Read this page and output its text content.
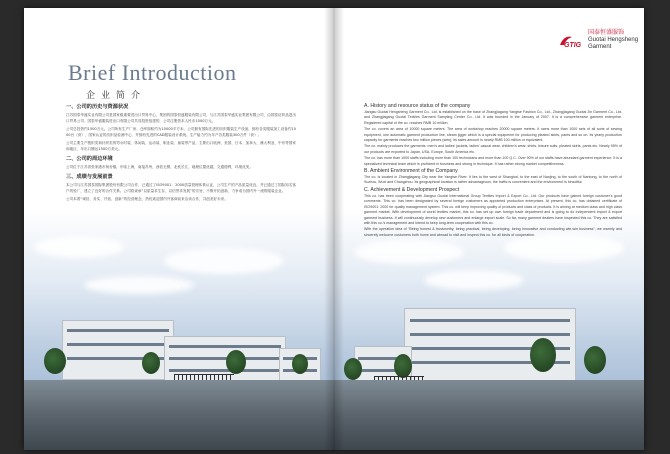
Brief Introduction
企业简介
一、公司的历史与资源状况

江苏国泰华盛实业有限公司是国家级重要进出口贸易中心，集团的国泰恒盛服装有限公司，与江苏国泰华盛实业集团有限公司，由国泰纺织品进出口贸易公司、国泰华盛服装进出口有限公司共同投资组建的，公司注册资本人民币1000万元。

公司总投资约1500万元。公司所有生产厂房、仓库面积约为10000平方米，公司拥有国际先进的纺织服装生产设备，拥有各类服装加工设备约1000台（套），国家认证的纺织品检测中心，并拥有先进的CAD服装设计系统。生产能力约为年产各类服装300万件（套）。

公司主要生产梭织类和针织类的男女时装、休闲装、运动装、职业装、童装等产品，主要出口欧洲、美国、日本、加拿大、澳大利亚、中东等国家和地区，年出口额达1500万美元。

二、公司的周边环境

公司位于江苏省张家港市杨舍镇，东临上海，南接苏州，西依无锡，北枕长江，地理位置优越，交通便利，环境优美。

三、成绩与发展前景

本公司与江苏国泰国际集团股份有限公司合作，已通过了ISO9001：2000质量管理体系认证，公司生产的产品质量优良，并已通过了国际知名客户的验厂，建立了良好的合作关系。公司将秉承“以质量求生存，以信誉求发展”的宗旨，不断开拓创新，力争成为国内外一流的服装企业。

公司本着“诚信、务实、开拓、创新”的经营理念，热忱欢迎国内外客商前来洽谈合作，共创美好未来。

GTIG
国泰恒盛服饰
Guotai Hengsheng Garment
A. History and resource status of the company

Jiangsu Guotai Hengsheng Garment Co., Ltd. is established on the base of Zhangjiagang Yangtse Fashion Co., Ltd., Zhangjiagang Guotai Jin Garment Co., Ltd. and Zhangjiagang Guotai Textiles Garment Sampling Center Co., Ltd. It was founded in the January of 2007. It is a comprehensive garment enterprise. Registered capital of the co. reaches RMB 10 million.

The co. covers an area of 10000 square meters. The area of workshop reaches 20000 square meters. It owns more than 1000 sets of all sorts of sewing equipment, one automatic garment production line, steam jigger which is a special equipment for producing pleated skirts, pants and so on. Its yearly production capacity for garments reaches two million pieces (sets); its sales amount is nearly RMB 100 million or equivalent.

The co. mainly produces the garments: men's and ladies' jackets, ladies' casual wear, children's wear, shirts, leisure suits, pleated skirts, pants etc. Nearly 95% of our products are exported to Japan, USA, Europe, South America etc.

The co. has more than 1000 staffs including more than 100 technicians and more than 100 Q.C. Over 90% of our staffs have abundant garment experience. It is a specialized technical team which is proficient in business and strong in technique. It has rather strong market competitiveness.

B. Ambient Environment of the Company

The co. is located in Zhangjiagang City near the Yangtse River. It lies to the west of Shanghai, to the east of Nanjing, to the south of Nantong, to the north of Suzhou, Wuxi and Changzhou. Its geographical location is rather advantageous, the traffic is convenient and the environment is beautiful.

C. Achievement & Development Prospect

This co. has been cooperating with Jiangsu Guotai International Group Textiles Import & Export Co., Ltd. Our products have gained foreign customer's good comments. This co. has been designated by several foreign customers as appointed production enterprises. At present, this co. has obtained certificate of ISO9001: 2000 for quality management system. This co. will keep improving quality of products and class of products. It is aiming at medium class and high class garment market. With development of world textiles market, this co. has set up own foreign trade department and is going to do independent import & export garment business. It will continuously develop new customers and enlarge export scale. So far, many garment dealers have inspected this co. They are satisfied with this co.'s management and intend to keep long-term cooperation with this co.

With the operation idea of "Being honest & trustworthy, being practical, being developing, being innovative and conducting win-win business", we warmly and sincerely welcome customers both home and abroad to visit and inspect this co. for all kinds of cooperation.
